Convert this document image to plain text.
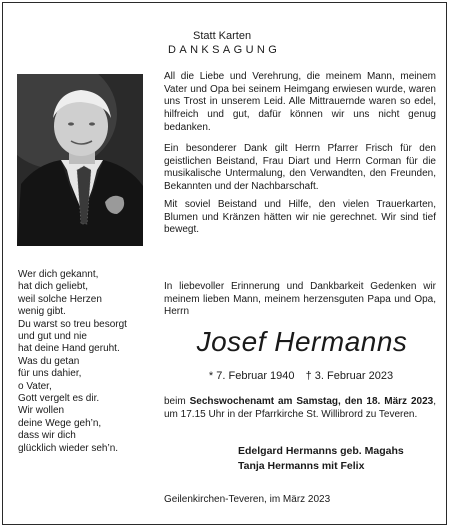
Statt Karten
DANKSAGUNG

All die Liebe und Verehrung, die meinem Mann, meinem Vater und Opa bei seinem Heimgang erwiesen wurde, waren uns Trost in unserem Leid. Alle Mittrauernde waren so edel, hilfreich und gut, dafür können wir uns nicht genug bedanken.

Ein besonderer Dank gilt Herrn Pfarrer Frisch für den geistlichen Beistand, Frau Diart und Herrn Corman für die musikalische Untermalung, den Verwandten, den Freunden, Bekannten und der Nachbarschaft.

Mit soviel Beistand und Hilfe, den vielen Trauerkarten, Blumen und Kränzen hätten wir nie gerechnet. Wir sind tief bewegt.

In liebevoller Erinnerung und Dankbarkeit Gedenken wir meinem lieben Mann, meinem herzensguten Papa und Opa, Herrn

Wer dich gekannt,
hat dich geliebt,
weil solche Herzen
wenig gibt.
Du warst so treu besorgt
und gut und nie
hat deine Hand geruht.
Was du getan
für uns dahier,
o Vater,
Gott vergelt es dir.
Wir wollen
deine Wege geh’n,
dass wir dich
glücklich wieder seh’n.
Josef Hermanns
* 7. Februar 1940 † 3. Februar 2023

beim Sechswochenamt am Samstag, den 18. März 2023, um 17.15 Uhr in der Pfarrkirche St. Willibrord zu Teveren.

Edelgard Hermanns geb. Magahs
Tanja Hermanns mit Felix
Geilenkirchen-Teveren, im März 2023
